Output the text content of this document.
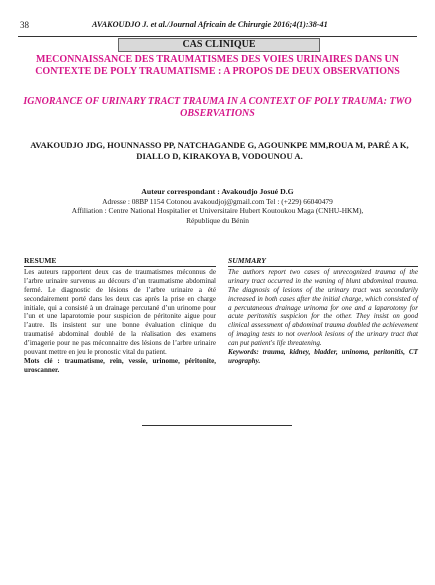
38	AVAKOUDJO J. et al./Journal Africain de Chirurgie 2016;4(1):38-41
CAS CLINIQUE
MECONNAISSANCE DES TRAUMATISMES DES VOIES URINAIRES DANS UN CONTEXTE DE POLY TRAUMATISME : A PROPOS DE DEUX OBSERVATIONS
IGNORANCE OF URINARY TRACT TRAUMA IN A CONTEXT OF POLY TRAUMA: TWO OBSERVATIONS
AVAKOUDJO JDG, HOUNNASSO PP, NATCHAGANDE G, AGOUNKPE MM,ROUA M, PARÉ A K, DIALLO D, KIRAKOYA B, VODOUNOU A.
Auteur correspondant : Avakoudjo Josué D.G
Adresse : 08BP 1154 Cotonou avakoudjoj@gmail.com Tel : (+229) 66040479
Affiliation : Centre National Hospitalier et Universitaire Hubert Koutoukou Maga (CNHU-HKM),
République du Bénin
RESUME
Les auteurs rapportent deux cas de traumatismes méconnus de l’arbre urinaire survenus au décours d’un traumatisme abdominal fermé. Le diagnostic de lésions de l’arbre urinaire a été secondairement porté dans les deux cas après la prise en charge initiale, qui a consisté à un drainage percutané d’un urinome pour l’un et une laparotomie pour suspicion de péritonite aigue pour l’autre. Ils insistent sur une bonne évaluation clinique du traumatisé abdominal doublé de la réalisation des examens d’imagerie pour ne pas méconnaitre des lésions de l’arbre urinaire pouvant mettre en jeu le pronostic vital du patient.
Mots clé : traumatisme, rein, vessie, urinome, péritonite, uroscanner.
SUMMARY
The authors report two cases of unrecognized trauma of the urinary tract occurred in the waning of blunt abdominal trauma. The diagnosis of lesions of the urinary tract was secondarily increased in both cases after the initial charge, which consisted of a percutaneous drainage urinoma for one and a laparotomy for acute peritonitis suspicion for the other. They insist on good clinical assessment of abdominal trauma doubled the achievement of imaging tests to not overlook lesions of the urinary tract that can put patient's life threatening.
Keywords: trauma, kidney, bladder, uninoma, peritonitis, CT urography.
